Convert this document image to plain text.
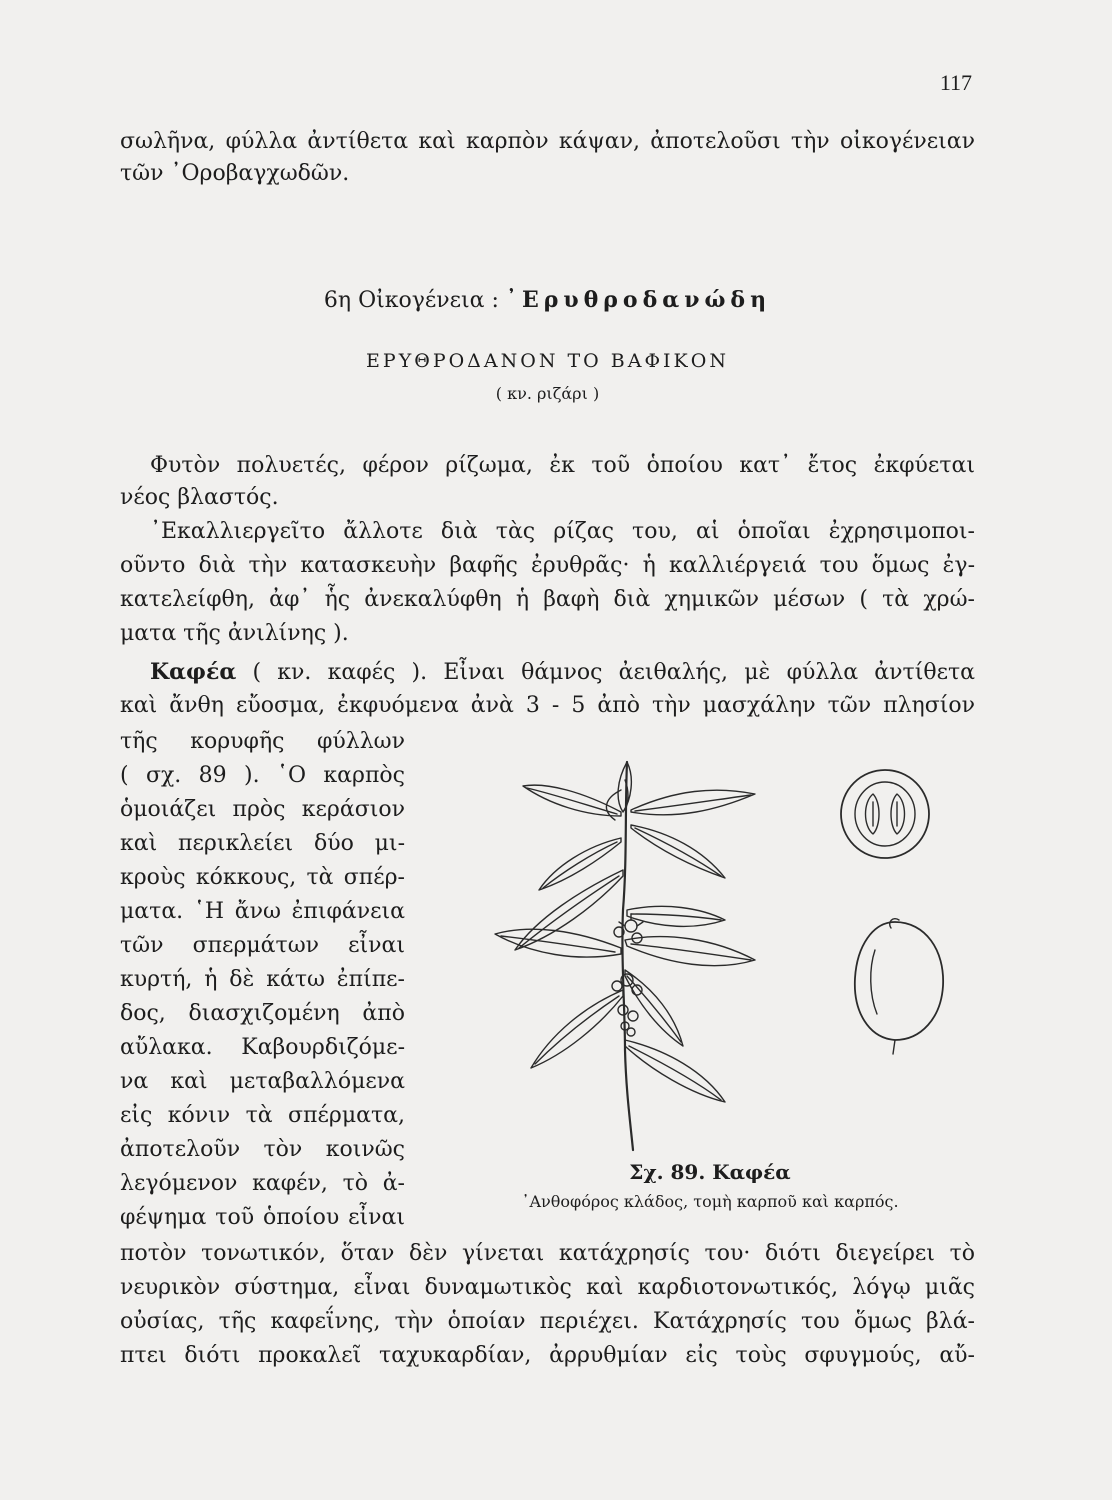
117
σωλῆνα, φύλλα ἀντίθετα καὶ καρπὸν κάψαν, ἀποτελοῦσι τὴν οἰκογένειαν
τῶν ᾿Οροβαγχωδῶν.
6η Οἰκογένεια : ᾿Ερυθροδανώδη
ΕΡΥΘΡΟΔΑΝΟΝ ΤΟ ΒΑΦΙΚΟΝ
( κν. ριζάρι )
Φυτὸν πολυετές, φέρον ρίζωμα, ἐκ τοῦ ὁποίου κατ᾿ ἔτος ἐκφύεται
νέος βλαστός.
᾿Εκαλλιεργεῖτο ἄλλοτε διὰ τὰς ρίζας του, αἱ ὁποῖαι ἐχρησιμοποι-
οῦντο διὰ τὴν κατασκευὴν βαφῆς ἐρυθρᾶς· ἡ καλλιέργειά του ὅμως ἐγ-
κατελείφθη, ἀφ᾿ ἧς ἀνεκαλύφθη ἡ βαφὴ διὰ χημικῶν μέσων ( τὰ χρώ-
ματα τῆς ἀνιλίνης ).
Καφέα ( κν. καφές ). Εἶναι θάμνος ἀειθαλής, μὲ φύλλα ἀντίθετα
καὶ ἄνθη εὔοσμα, ἐκφυόμενα ἀνὰ 3 - 5 ἀπὸ τὴν μασχάλην τῶν πλησίον
τῆς κορυφῆς φύλλων
( σχ. 89 ). ῾Ο καρπὸς
ὁμοιάζει πρὸς κεράσιον
καὶ περικλείει δύο μι-
κροὺς κόκκους, τὰ σπέρ-
ματα. ῾Η ἄνω ἐπιφάνεια
τῶν σπερμάτων εἶναι
κυρτή, ἡ δὲ κάτω ἐπίπε-
δος, διασχιζομένη ἀπὸ
αὔλακα. Καβουρδιζόμε-
να καὶ μεταβαλλόμενα
εἰς κόνιν τὰ σπέρματα,
ἀποτελοῦν τὸν κοινῶς
λεγόμενον καφέν, τὸ ἀ-
φέψημα τοῦ ὁποίου εἶναι
Σχ. 89. Καφέα
᾿Ανθοφόρος κλάδος, τομὴ καρποῦ καὶ καρπός.
ποτὸν τονωτικόν, ὅταν δὲν γίνεται κατάχρησίς του· διότι διεγείρει τὸ
νευρικὸν σύστημα, εἶναι δυναμωτικὸς καὶ καρδιοτονωτικός, λόγῳ μιᾶς
οὐσίας, τῆς καφεΐνης, τὴν ὁποίαν περιέχει. Κατάχρησίς του ὅμως βλά-
πτει διότι προκαλεῖ ταχυκαρδίαν, ἀρρυθμίαν εἰς τοὺς σφυγμούς, αὔ-
